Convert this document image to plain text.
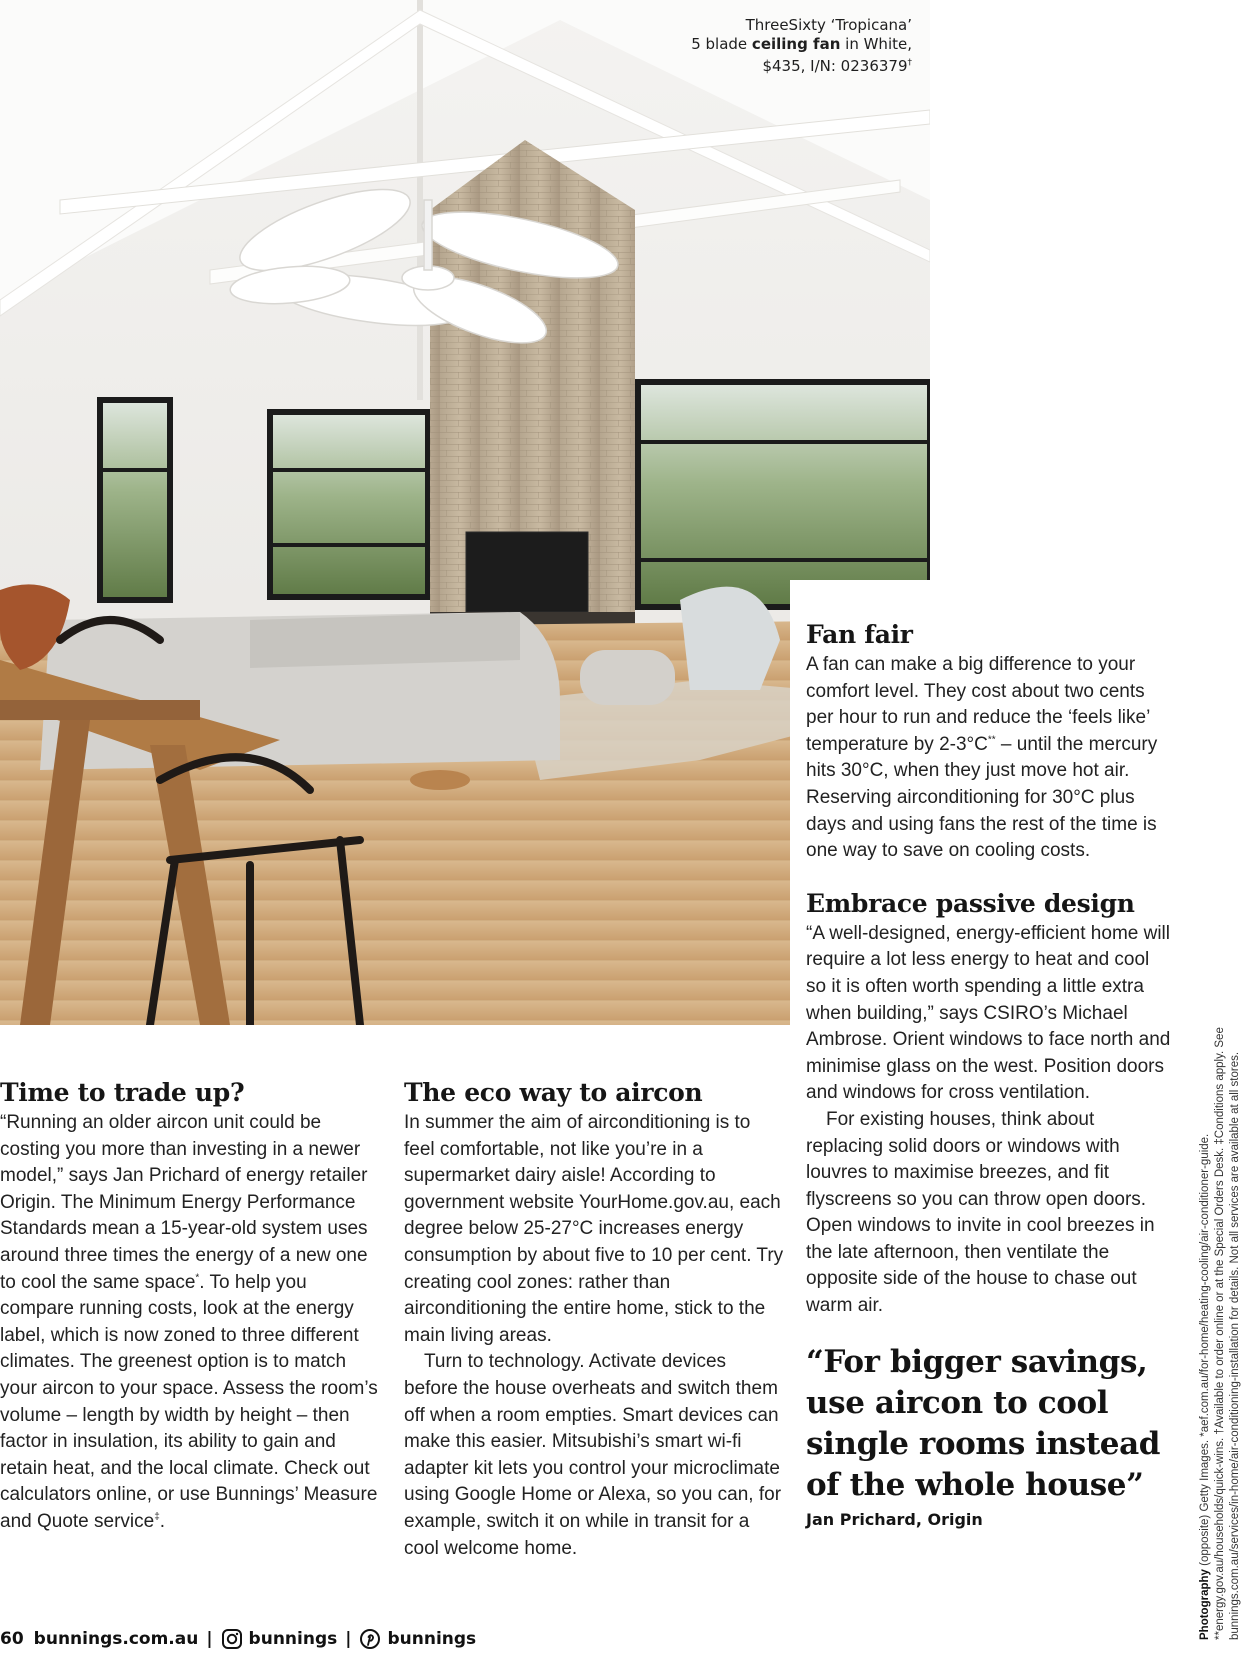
ThreeSixty ‘Tropicana’
5 blade ceiling fan in White,
$435, I/N: 0236379†
Fan fair

A fan can make a big difference to your comfort level. They cost about two cents per hour to run and reduce the ‘feels like’ temperature by 2-3°C** – until the mercury hits 30°C, when they just move hot air. Reserving airconditioning for 30°C plus days and using fans the rest of the time is one way to save on cooling costs.

Embrace passive design

“A well-designed, energy-efficient home will require a lot less energy to heat and cool so it is often worth spending a little extra when building,” says CSIRO’s Michael Ambrose. Orient windows to face north and minimise glass on the west. Position doors and windows for cross ventilation.

For existing houses, think about replacing solid doors or windows with louvres to maximise breezes, and fit flyscreens so you can throw open doors. Open windows to invite in cool breezes in the late afternoon, then ventilate the opposite side of the house to chase out warm air.

“For bigger savings, use aircon to cool single rooms instead of the whole house”
Jan Prichard, Origin
Time to trade up?

“Running an older aircon unit could be costing you more than investing in a newer model,” says Jan Prichard of energy retailer Origin. The Minimum Energy Performance Standards mean a 15-year-old system uses around three times the energy of a new one to cool the same space*. To help you compare running costs, look at the energy label, which is now zoned to three different climates. The greenest option is to match your aircon to your space. Assess the room’s volume – length by width by height – then factor in insulation, its ability to gain and retain heat, and the local climate. Check out calculators online, or use Bunnings’ Measure and Quote service‡.

The eco way to aircon

In summer the aim of airconditioning is to feel comfortable, not like you’re in a supermarket dairy aisle! According to government website YourHome.gov.au, each degree below 25-27°C increases energy consumption by about five to 10 per cent. Try creating cool zones: rather than airconditioning the entire home, stick to the main living areas.

Turn to technology. Activate devices before the house overheats and switch them off when a room empties. Smart devices can make this easier. Mitsubishi’s smart wi-fi adapter kit lets you control your microclimate using Google Home or Alexa, so you can, for example, switch it on while in transit for a cool welcome home.

Photography (opposite) Getty Images. *aef.com.au/for-home/heating-cooling/air-conditioner-guide. **energy.gov.au/households/quick-wins. †Available to order online or at the Special Orders Desk. ‡Conditions apply. See bunnings.com.au/services/in-home/air-conditioning-installation for details. Not all services are available at all stores.
60 bunnings.com.au | bunnings | bunnings
